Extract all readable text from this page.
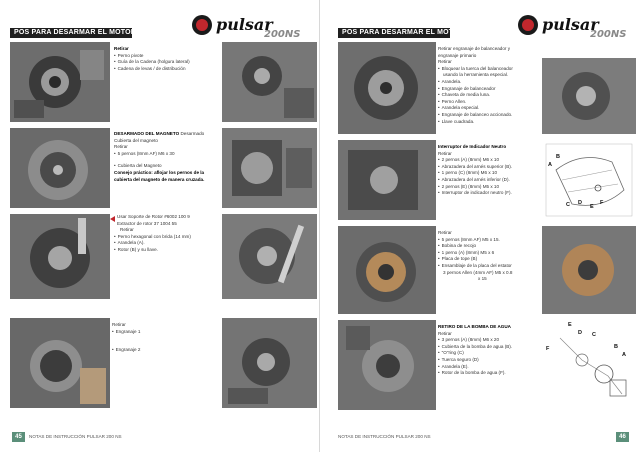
POS PARA DESARMAR EL MOTOR	pulsar
200NS
Retirar
• Perno pivote
• Guía de la Cadena (holgura lateral)
• Cadena de levas / de distribución
DESARMADO DEL MAGNETO Desarmado
Cubierta del magneto
Retirar
• 5 pernos (8mm AF) M6 x 30
• Cubierta del Magneto
Consejo práctico: aflojar los pernos de la
cubierta del magneto de manera cruzada.
Usar Soporte de Rotor #6002 100 9
Extractor de rotor 37 1004 55
Retirar
• Perno hexagonal con brida (14 mm)
• Arandela (A).
• Rotor (B) y su llave.
Retirar
• Engranaje 1
• Engranaje 2
45	NOTAS DE INSTRUCCIÓN PULSAR 200 NS
POS PARA DESARMAR EL MOTOR	pulsar
200NS
Retirar engranaje de balanceador y
engranaje primario
Retirar
• Bloquear la tuerca del balanceador
usando la herramienta especial.
• Arandela.
• Engranaje de balanceador
• Chaveta de media luna.
• Perno Allen.
• Arandela especial.
• Engranaje de balanceo accionado.
• Llave cuadrada.
Interruptor de Indicador Neutro
Retirar
• 2 pernos (A) (8mm) M6 x 10
• Abrazadera del arnés superior (B).
• 1 perno (C) (8mm) M6 x 10
• Abrazadera del arnés inferior (D).
• 2 pernos (E) (8mm) M5 x 10
• Interruptor de indicador neutro (F).
A
B
C D
E
F
Retirar
• 5 pernos (8mm AF) M5 x 15.
• Bobina de recojo
• 1 perno (A) (8mm) M5 x 6
• Placa de tope (B)
• Ensamblaje de la placa del estator
3 pernos Allen (4mm AF) M5 x 0.8
x 15
RETIRO DE LA BOMBA DE AGUA
Retirar
• 3 pernos (A) (8mm) M6 x 20
• Cubierta de la bomba de agua (B).
• "O"ring (C)
• Tuerca seguro (D)
• Arandela (E).
• Rotor de la bomba de agua (F).
E
D C
F	B
A
NOTAS DE INSTRUCCIÓN PULSAR 200 NS	46
